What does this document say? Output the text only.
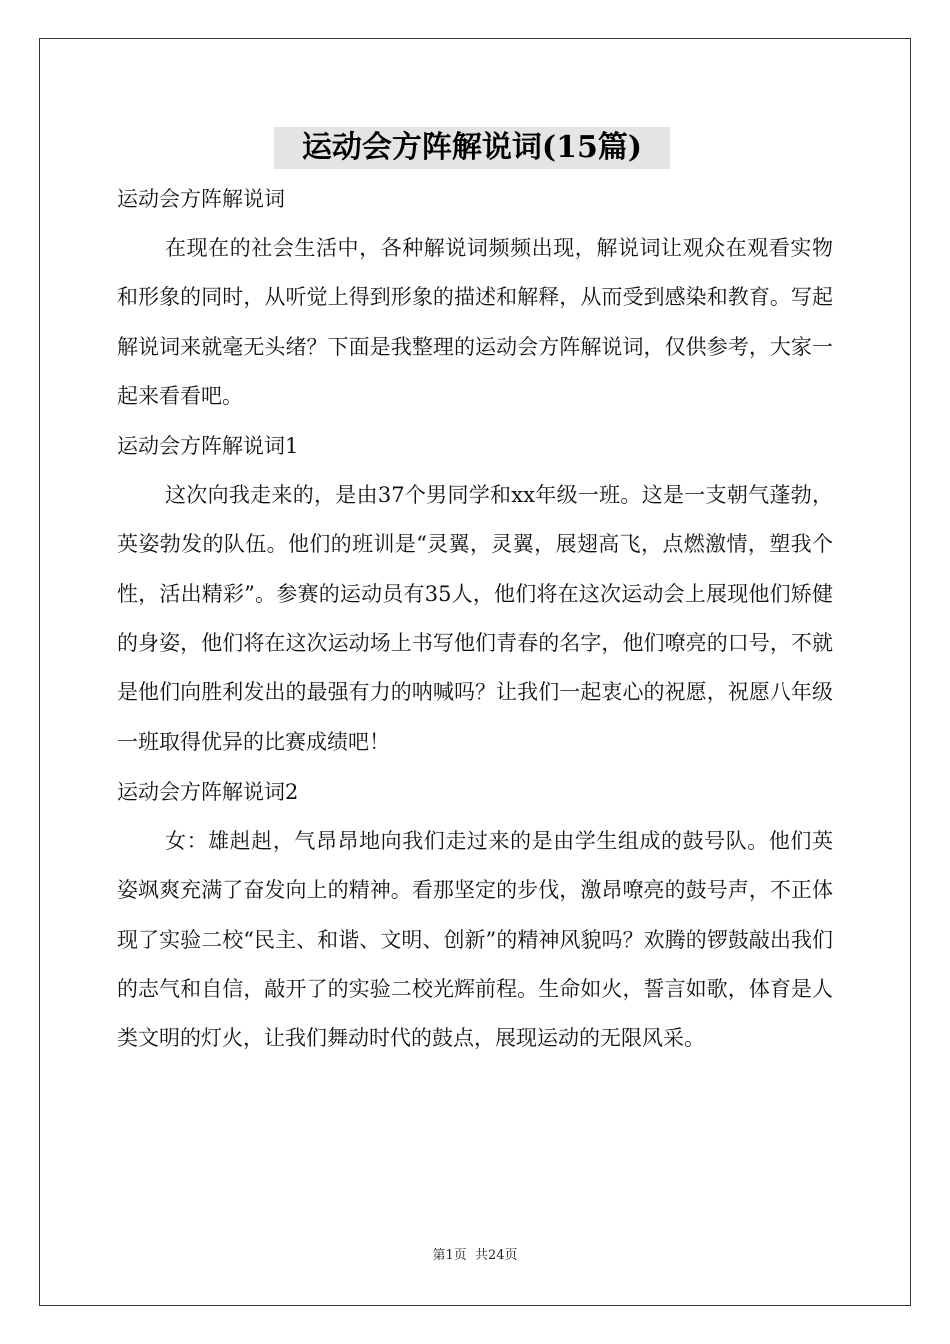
运动会方阵解说词(15篇)
运动会方阵解说词

在现在的社会生活中，各种解说词频频出现，解说词让观众在观看实物和形象的同时，从听觉上得到形象的描述和解释，从而受到感染和教育。写起解说词来就毫无头绪？下面是我整理的运动会方阵解说词，仅供参考，大家一起来看看吧。

运动会方阵解说词1

这次向我走来的，是由37个男同学和xx年级一班。这是一支朝气蓬勃，英姿勃发的队伍。他们的班训是“灵翼，灵翼，展翅高飞，点燃激情，塑我个性，活出精彩”。参赛的运动员有35人，他们将在这次运动会上展现他们矫健的身姿，他们将在这次运动场上书写他们青春的名字，他们嘹亮的口号，不就是他们向胜利发出的最强有力的呐喊吗？让我们一起衷心的祝愿，祝愿八年级一班取得优异的比赛成绩吧！

运动会方阵解说词2

女：雄赳赳，气昂昂地向我们走过来的是由学生组成的鼓号队。他们英姿飒爽充满了奋发向上的精神。看那坚定的步伐，激昂嘹亮的鼓号声，不正体现了实验二校“民主、和谐、文明、创新”的精神风貌吗？欢腾的锣鼓敲出我们的志气和自信，敲开了的实验二校光辉前程。生命如火，誓言如歌，体育是人类文明的灯火，让我们舞动时代的鼓点，展现运动的无限风采。

第1页  共24页
